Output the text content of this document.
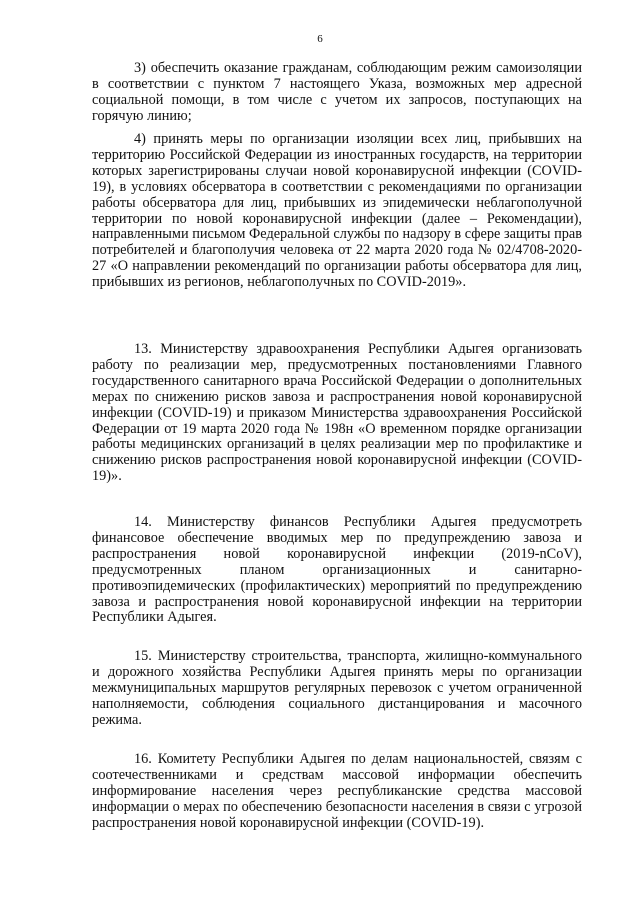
6

3) обеспечить оказание гражданам, соблюдающим режим самоизоляции в соответствии с пунктом 7 настоящего Указа, возможных мер адресной социальной помощи, в том числе с учетом их запросов, поступающих на горячую линию;

4) принять меры по организации изоляции всех лиц, прибывших на территорию Российской Федерации из иностранных государств, на территории которых зарегистрированы случаи новой коронавирусной инфекции (COVID-19), в условиях обсерватора в соответствии с рекомендациями по организации работы обсерватора для лиц, прибывших из эпидемически неблагополучной территории по новой коронавирусной инфекции (далее – Рекомендации), направленными письмом Федеральной службы по надзору в сфере защиты прав потребителей и благополучия человека от 22 марта 2020 года № 02/4708-2020-27 «О направлении рекомендаций по организации работы обсерватора для лиц, прибывших из регионов, неблагополучных по COVID-2019».

13. Министерству здравоохранения Республики Адыгея организовать работу по реализации мер, предусмотренных постановлениями Главного государственного санитарного врача Российской Федерации о дополнительных мерах по снижению рисков завоза и распространения новой коронавирусной инфекции (COVID-19) и приказом Министерства здравоохранения Российской Федерации от 19 марта 2020 года № 198н «О временном порядке организации работы медицинских организаций в целях реализации мер по профилактике и снижению рисков распространения новой коронавирусной инфекции (COVID-19)».

14. Министерству финансов Республики Адыгея предусмотреть финансовое обеспечение вводимых мер по предупреждению завоза и распространения новой коронавирусной инфекции (2019-nCoV), предусмотренных планом организационных и санитарно-противоэпидемических (профилактических) мероприятий по предупреждению завоза и распространения новой коронавирусной инфекции на территории Республики Адыгея.

15. Министерству строительства, транспорта, жилищно-коммунального и дорожного хозяйства Республики Адыгея принять меры по организации межмуниципальных маршрутов регулярных перевозок с учетом ограниченной наполняемости, соблюдения социального дистанцирования и масочного режима.

16. Комитету Республики Адыгея по делам национальностей, связям с соотечественниками и средствам массовой информации обеспечить информирование населения через республиканские средства массовой информации о мерах по обеспечению безопасности населения в связи с угрозой распространения новой коронавирусной инфекции (COVID-19).
